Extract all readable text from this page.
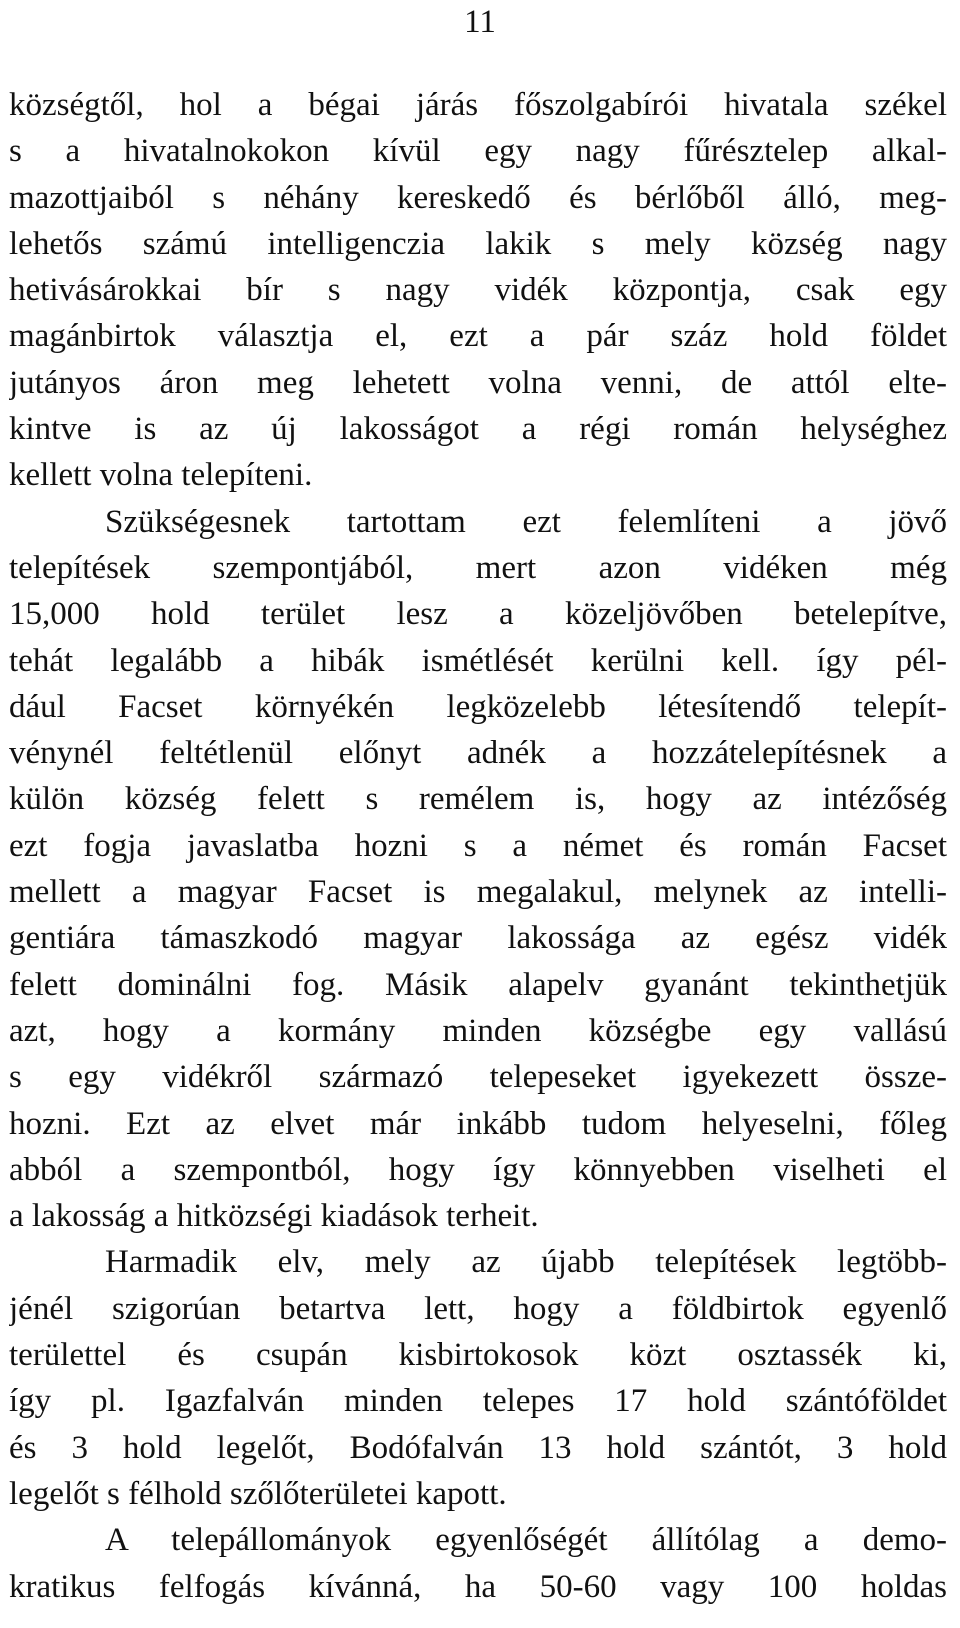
11
községtől, hol a bégai járás főszolgabírói hivatala székel
s a hivatalnokokon kívül egy nagy fűrésztelep alkal-
mazottjaiból s néhány kereskedő és bérlőből álló, meg-
lehetős számú intelligenczia lakik s mely község nagy
hetivásárokkai bír s nagy vidék központja, csak egy
magánbirtok választja el, ezt a pár száz hold földet
jutányos áron meg lehetett volna venni, de attól elte-
kintve is az új lakosságot a régi román helységhez
kellett volna telepíteni.
Szükségesnek tartottam ezt felemlíteni a jövő
telepítések szempontjából, mert azon vidéken még
15,000 hold terület lesz a közeljövőben betelepítve,
tehát legalább a hibák ismétlését kerülni kell. így pél-
dául Facset környékén legközelebb létesítendő telepít-
vénynél feltétlenül előnyt adnék a hozzátelepítésnek a
külön község felett s remélem is, hogy az intézőség
ezt fogja javaslatba hozni s a német és román Facset
mellett a magyar Facset is megalakul, melynek az intelli-
gentiára támaszkodó magyar lakossága az egész vidék
felett dominálni fog. Másik alapelv gyanánt tekinthetjük
azt, hogy a kormány minden községbe egy vallású
s egy vidékről származó telepeseket igyekezett össze-
hozni. Ezt az elvet már inkább tudom helyeselni, főleg
abból a szempontból, hogy így könnyebben viselheti el
a lakosság a hitközségi kiadások terheit.
Harmadik elv, mely az újabb telepítések legtöbb-
jénél szigorúan betartva lett, hogy a földbirtok egyenlő
területtel és csupán kisbirtokosok közt osztassék ki,
így pl. Igazfalván minden telepes 17 hold szántóföldet
és 3 hold legelőt, Bodófalván 13 hold szántót, 3 hold
legelőt s félhold szőlőterületei kapott.
A telepállományok egyenlőségét állítólag a demo-
kratikus felfogás kívánná, ha 50-60 vagy 100 holdas
